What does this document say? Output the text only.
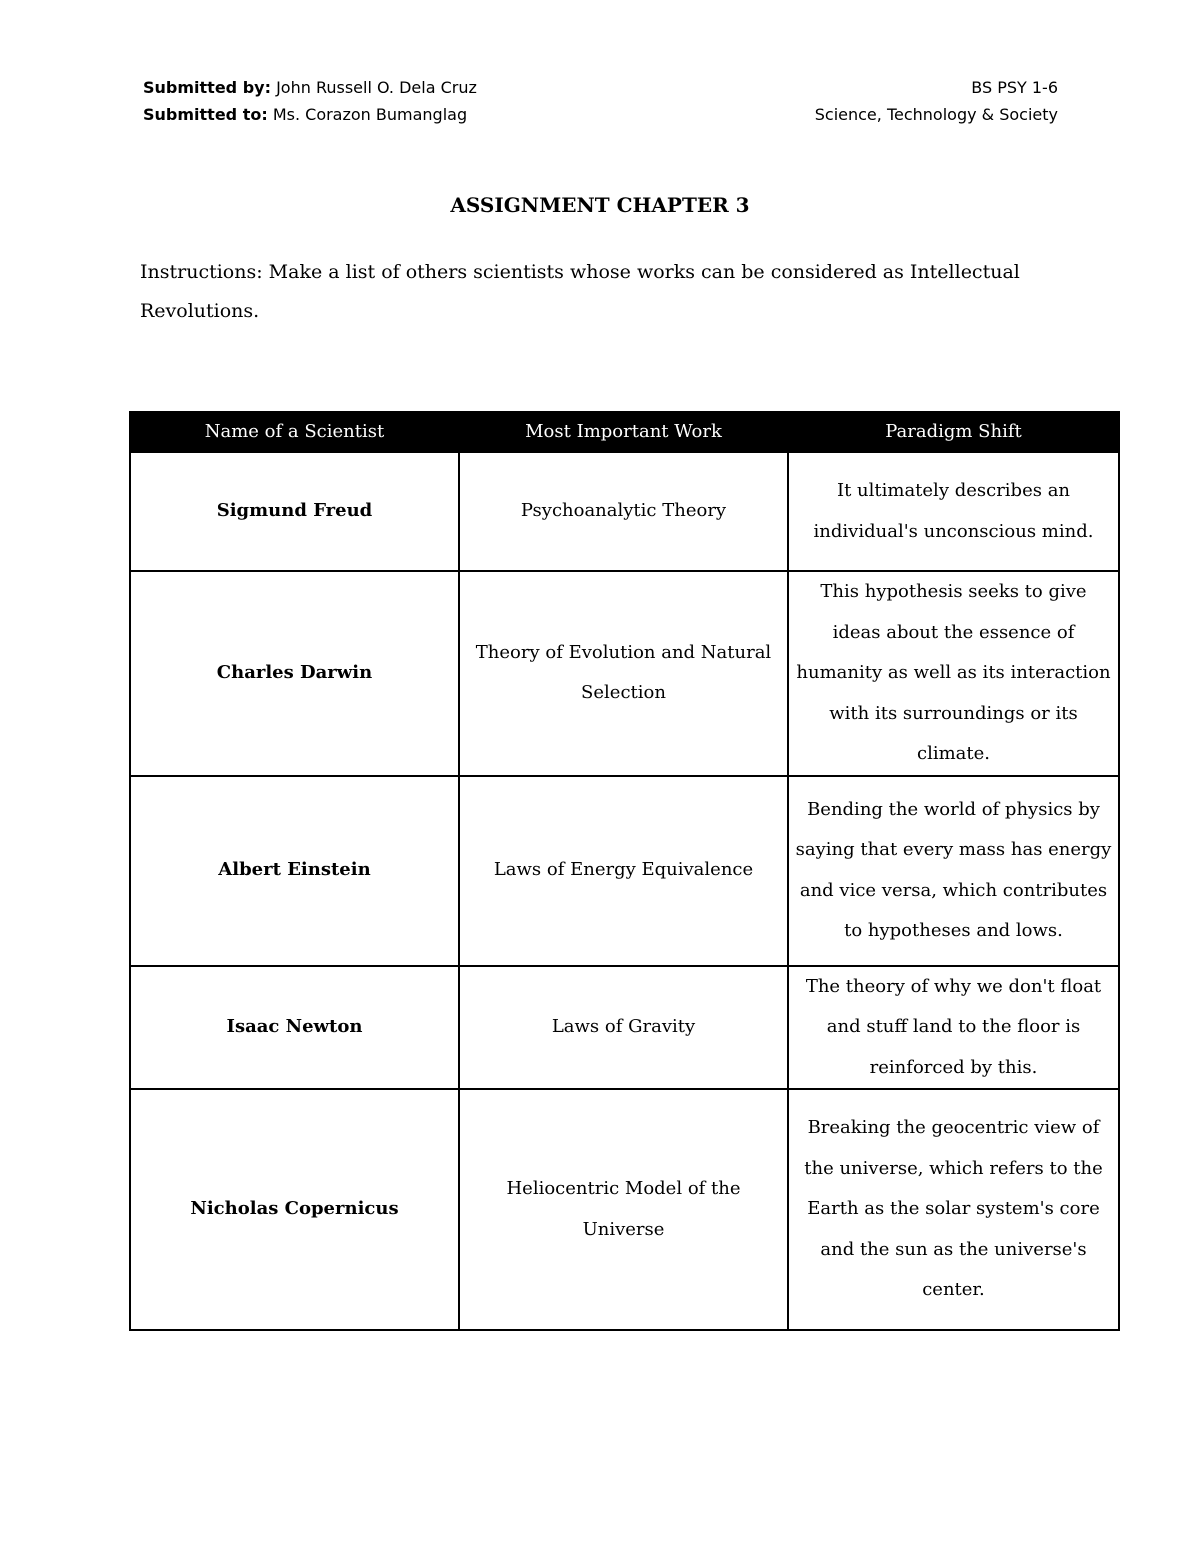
Submitted by: John Russell O. Dela Cruz	BS PSY 1-6
Submitted to: Ms. Corazon Bumanglag	Science, Technology & Society
ASSIGNMENT CHAPTER 3
Instructions: Make a list of others scientists whose works can be considered as Intellectual Revolutions.
Name of a Scientist	Most Important Work	Paradigm Shift
Sigmund Freud	Psychoanalytic Theory	It ultimately describes an individual's unconscious mind.
Charles Darwin	Theory of Evolution and Natural Selection	This hypothesis seeks to give ideas about the essence of humanity as well as its interaction with its surroundings or its climate.
Albert Einstein	Laws of Energy Equivalence	Bending the world of physics by saying that every mass has energy and vice versa, which contributes to hypotheses and lows.
Isaac Newton	Laws of Gravity	The theory of why we don't float and stuff land to the floor is reinforced by this.
Nicholas Copernicus	Heliocentric Model of the Universe	Breaking the geocentric view of the universe, which refers to the Earth as the solar system's core and the sun as the universe's center.
